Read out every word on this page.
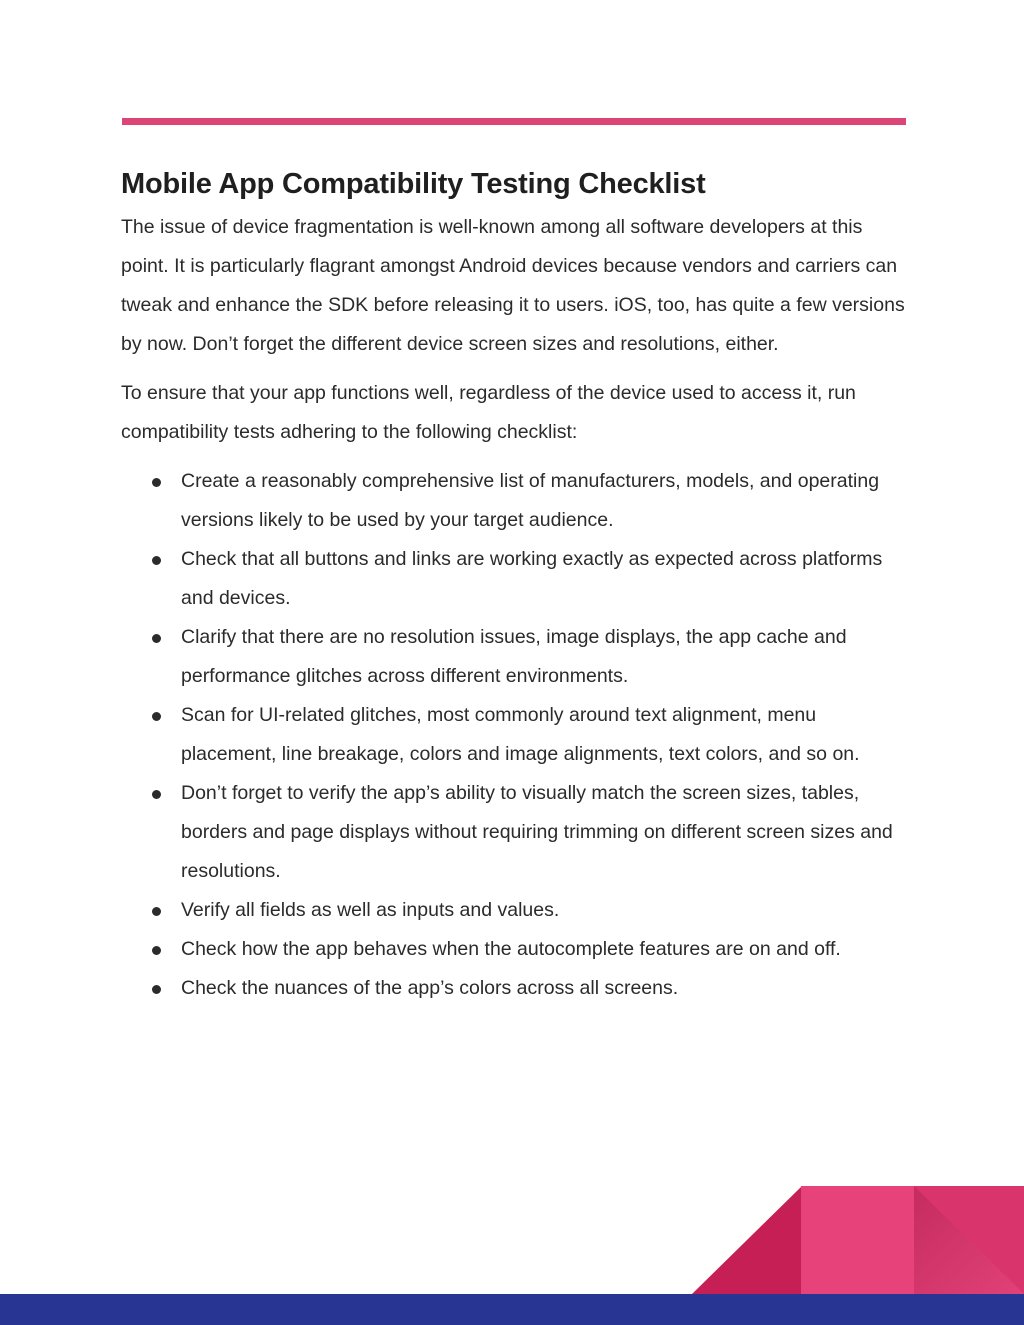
Mobile App Compatibility Testing Checklist

The issue of device fragmentation is well-known among all software developers at this point. It is particularly flagrant amongst Android devices because vendors and carriers can tweak and enhance the SDK before releasing it to users. iOS, too, has quite a few versions by now. Don’t forget the different device screen sizes and resolutions, either.

To ensure that your app functions well, regardless of the device used to access it, run compatibility tests adhering to the following checklist:

Create a reasonably comprehensive list of manufacturers, models, and operating versions likely to be used by your target audience.
Check that all buttons and links are working exactly as expected across platforms and devices.
Clarify that there are no resolution issues, image displays, the app cache and performance glitches across different environments.
Scan for UI-related glitches, most commonly around text alignment, menu placement, line breakage, colors and image alignments, text colors, and so on.
Don’t forget to verify the app’s ability to visually match the screen sizes, tables, borders and page displays without requiring trimming on different screen sizes and resolutions.
Verify all fields as well as inputs and values.
Check how the app behaves when the autocomplete features are on and off.
Check the nuances of the app’s colors across all screens.
